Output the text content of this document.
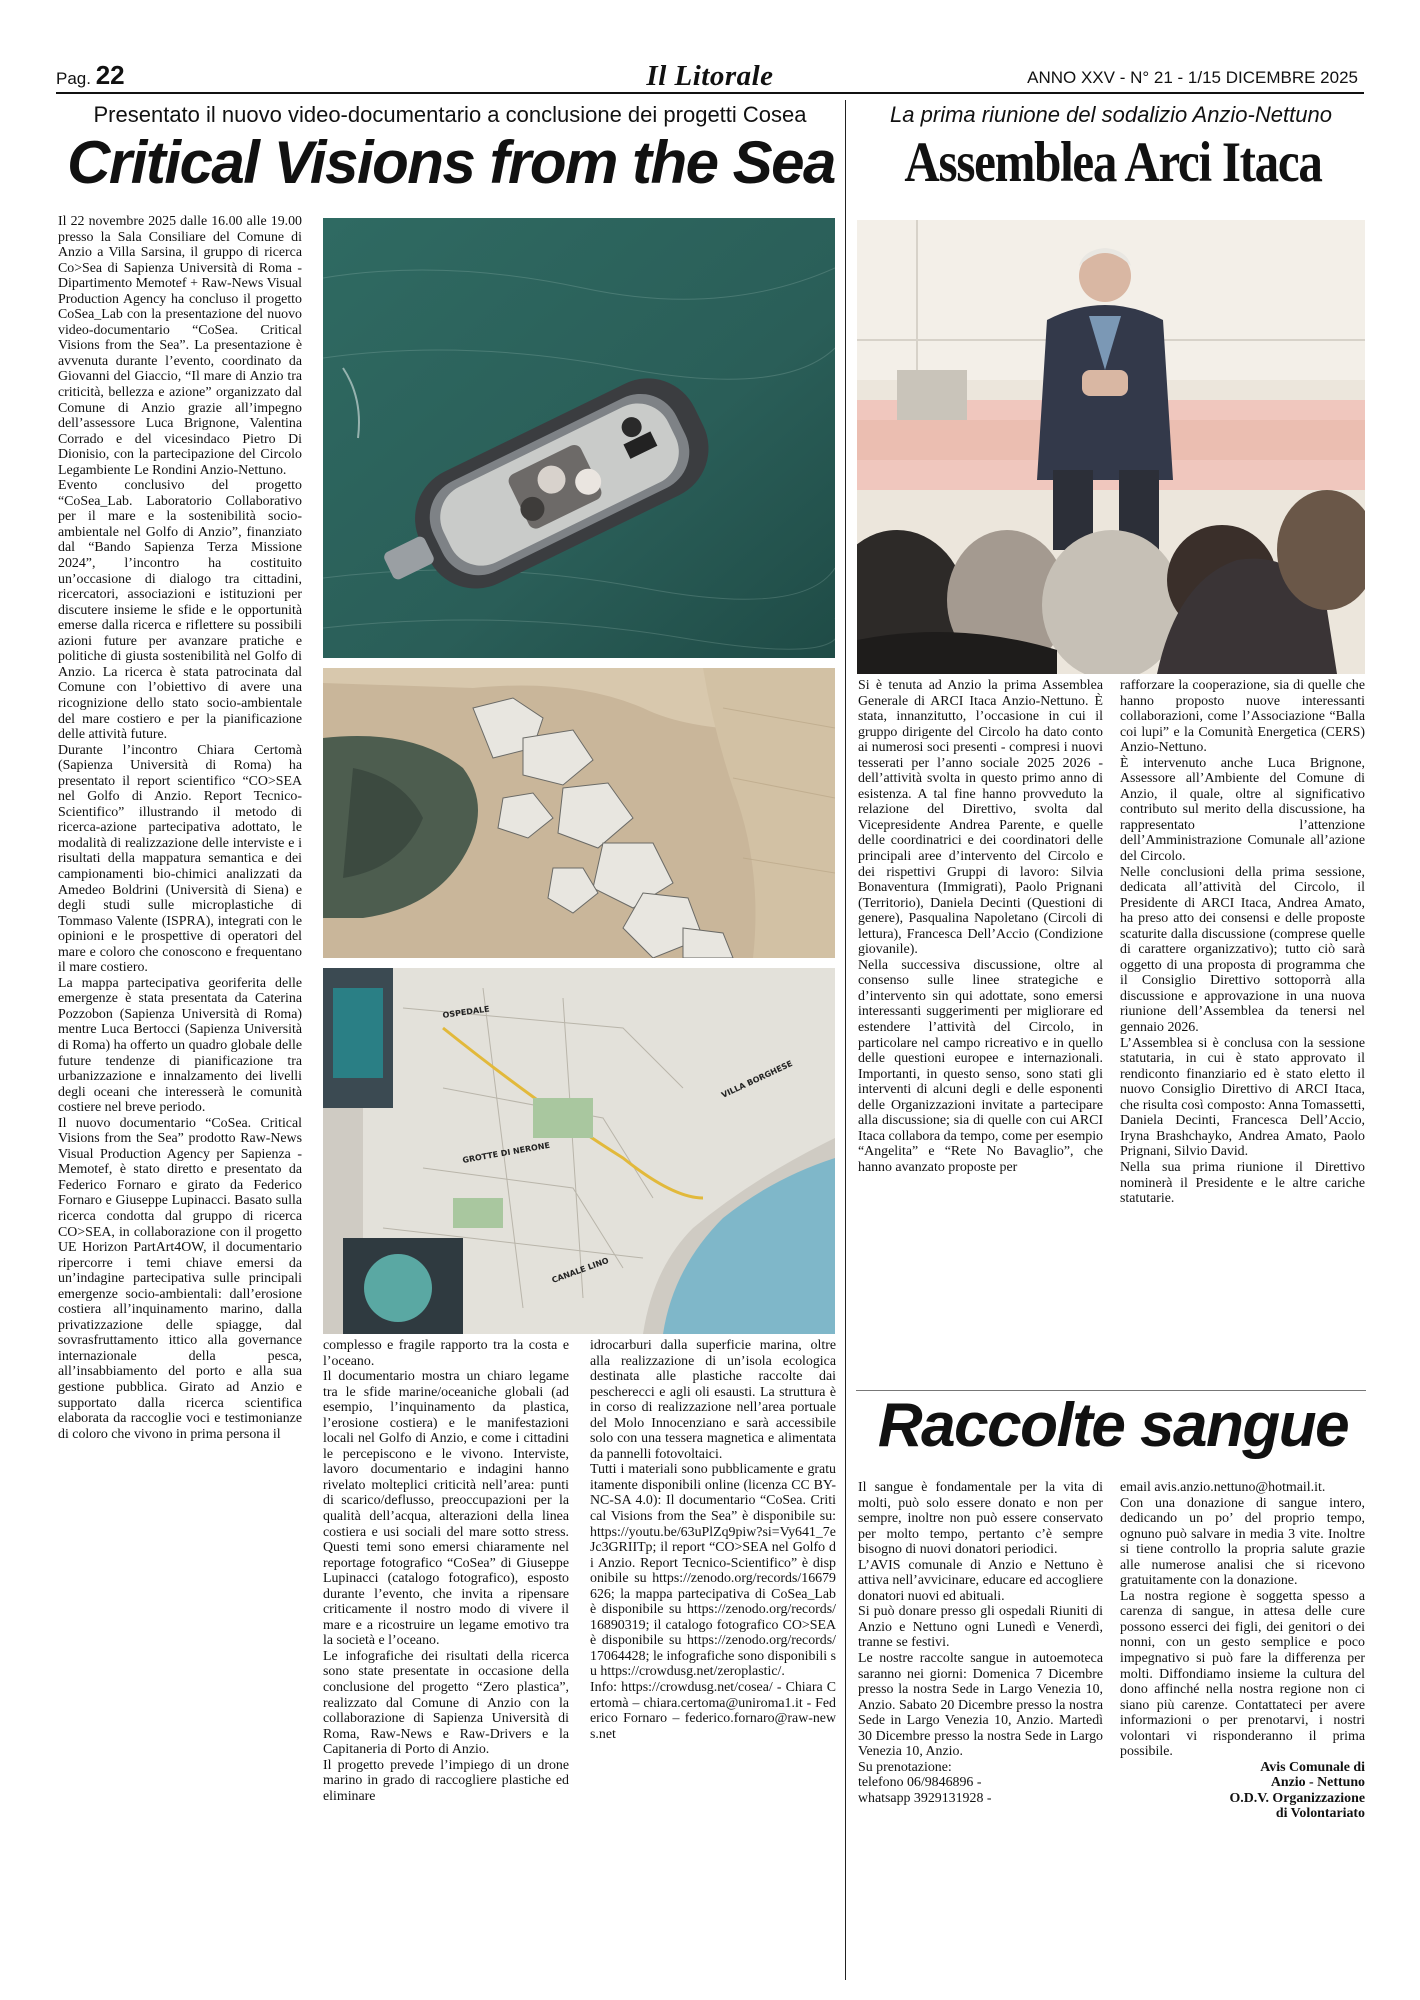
Pag. 22	Il Litorale	ANNO XXV - N° 21 - 1/15 DICEMBRE 2025
Presentato il nuovo video-documentario a conclusione dei progetti Cosea
Critical Visions from the Sea
La prima riunione del sodalizio Anzio-Nettuno
Assemblea Arci Itaca

Il 22 novembre 2025 dalle 16.00 alle 19.00 presso la Sala Consiliare del Comune di Anzio a Villa Sarsina, il gruppo di ricerca Co>Sea di Sapienza Università di Roma - Dipartimento Memotef + Raw-News Visual Production Agency ha concluso il progetto CoSea_Lab con la presentazione del nuovo video-documentario “CoSea. Critical Visions from the Sea”. La presentazione è avvenuta durante l’evento, coordinato da Giovanni del Giaccio, “Il mare di Anzio tra criticità, bellezza e azione” organizzato dal Comune di Anzio grazie all’impegno dell’assessore Luca Brignone, Valentina Corrado e del vicesindaco Pietro Di Dionisio, con la partecipazione del Circolo Legambiente Le Rondini Anzio-Nettuno.

Evento conclusivo del progetto “CoSea_Lab. Laboratorio Collaborativo per il mare e la sostenibilità socio-ambientale nel Golfo di Anzio”, finanziato dal “Bando Sapienza Terza Missione 2024”, l’incontro ha costituito un’occasione di dialogo tra cittadini, ricercatori, associazioni e istituzioni per discutere insieme le sfide e le opportunità emerse dalla ricerca e riflettere su possibili azioni future per avanzare pratiche e politiche di giusta sostenibilità nel Golfo di Anzio. La ricerca è stata patrocinata dal Comune con l’obiettivo di avere una ricognizione dello stato socio-ambientale del mare costiero e per la pianificazione delle attività future.

Durante l’incontro Chiara Certomà (Sapienza Università di Roma) ha presentato il report scientifico “CO>SEA nel Golfo di Anzio. Report Tecnico-Scientifico” illustrando il metodo di ricerca-azione partecipativa adottato, le modalità di realizzazione delle interviste e i risultati della mappatura semantica e dei campionamenti bio-chimici analizzati da Amedeo Boldrini (Università di Siena) e degli studi sulle microplastiche di Tommaso Valente (ISPRA), integrati con le opinioni e le prospettive di operatori del mare e coloro che conoscono e frequentano il mare costiero.

La mappa partecipativa georiferita delle emergenze è stata presentata da Caterina Pozzobon (Sapienza Università di Roma) mentre Luca Bertocci (Sapienza Università di Roma) ha offerto un quadro globale delle future tendenze di pianificazione tra urbanizzazione e innalzamento dei livelli degli oceani che interesserà le comunità costiere nel breve periodo.

Il nuovo documentario “CoSea. Critical Visions from the Sea” prodotto Raw-News Visual Production Agency per Sapienza - Memotef, è stato diretto e presentato da Federico Fornaro e girato da Federico Fornaro e Giuseppe Lupinacci. Basato sulla ricerca condotta dal gruppo di ricerca CO>SEA, in collaborazione con il progetto UE Horizon PartArt4OW, il documentario ripercorre i temi chiave emersi da un’indagine partecipativa sulle principali emergenze socio-ambientali: dall’erosione costiera all’inquinamento marino, dalla privatizzazione delle spiagge, dal sovrasfruttamento ittico alla governance internazionale della pesca, all’insabbiamento del porto e alla sua gestione pubblica. Girato ad Anzio e supportato dalla ricerca scientifica elaborata da raccoglie voci e testimonianze di coloro che vivono in prima persona il

OSPEDALE
VILLA BORGHESE
GROTTE DI NERONE
CANALE LINO

complesso e fragile rapporto tra la costa e l’oceano.

Il documentario mostra un chiaro legame tra le sfide marine/oceaniche globali (ad esempio, l’inquinamento da plastica, l’erosione costiera) e le manifestazioni locali nel Golfo di Anzio, e come i cittadini le percepiscono e le vivono. Interviste, lavoro documentario e indagini hanno rivelato molteplici criticità nell’area: punti di scarico/deflusso, preoccupazioni per la qualità dell’acqua, alterazioni della linea costiera e usi sociali del mare sotto stress. Questi temi sono emersi chiaramente nel reportage fotografico “CoSea” di Giuseppe Lupinacci (catalogo fotografico), esposto durante l’evento, che invita a ripensare criticamente il nostro modo di vivere il mare e a ricostruire un legame emotivo tra la società e l’oceano.

Le infografiche dei risultati della ricerca sono state presentate in occasione della conclusione del progetto “Zero plastica”, realizzato dal Comune di Anzio con la collaborazione di Sapienza Università di Roma, Raw-News e Raw-Drivers e la Capitaneria di Porto di Anzio.

Il progetto prevede l’impiego di un drone marino in grado di raccogliere plastiche ed eliminare

idrocarburi dalla superficie marina, oltre alla realizzazione di un’isola ecologica destinata alle plastiche raccolte dai pescherecci e agli oli esausti. La struttura è in corso di realizzazione nell’area portuale del Molo Innocenziano e sarà accessibile solo con una tessera magnetica e alimentata da pannelli fotovoltaici.

Tutti i materiali sono pubblicamente e gratuitamente disponibili online (licenza CC BY-NC-SA 4.0): Il documentario “CoSea. Critical Visions from the Sea” è disponibile su: https://youtu.be/63uPlZq9piw?si=Vy641_7eJc3GRIITp; il report “CO>SEA nel Golfo di Anzio. Report Tecnico-Scientifico” è disponibile su https://zenodo.org/records/16679626; la mappa partecipativa di CoSea_Lab è disponibile su https://zenodo.org/records/16890319; il catalogo fotografico CO>SEA è disponibile su https://zenodo.org/records/17064428; le infografiche sono disponibili su https://crowdusg.net/zeroplastic/.

Info: https://crowdusg.net/cosea/ - Chiara Certomà – chiara.certoma@uniroma1.it - Federico Fornaro – federico.fornaro@raw-news.net

Si è tenuta ad Anzio la prima Assemblea Generale di ARCI Itaca Anzio-Nettuno. È stata, innanzitutto, l’occasione in cui il gruppo dirigente del Circolo ha dato conto ai numerosi soci presenti - compresi i nuovi tesserati per l’anno sociale 2025 2026 - dell’attività svolta in questo primo anno di esistenza. A tal fine hanno provveduto la relazione del Direttivo, svolta dal Vicepresidente Andrea Parente, e quelle delle coordinatrici e dei coordinatori delle principali aree d’intervento del Circolo e dei rispettivi Gruppi di lavoro: Silvia Bonaventura (Immigrati), Paolo Prignani (Territorio), Daniela Decinti (Questioni di genere), Pasqualina Napoletano (Circoli di lettura), Francesca Dell’Accio (Condizione giovanile).

Nella successiva discussione, oltre al consenso sulle linee strategiche e d’intervento sin qui adottate, sono emersi interessanti suggerimenti per migliorare ed estendere l’attività del Circolo, in particolare nel campo ricreativo e in quello delle questioni europee e internazionali. Importanti, in questo senso, sono stati gli interventi di alcuni degli e delle esponenti delle Organizzazioni invitate a partecipare alla discussione; sia di quelle con cui ARCI Itaca collabora da tempo, come per esempio “Angelita” e “Rete No Bavaglio”, che hanno avanzato proposte per

rafforzare la cooperazione, sia di quelle che hanno proposto nuove interessanti collaborazioni, come l’Associazione “Balla coi lupi” e la Comunità Energetica (CERS) Anzio-Nettuno.

È intervenuto anche Luca Brignone, Assessore all’Ambiente del Comune di Anzio, il quale, oltre al significativo contributo sul merito della discussione, ha rappresentato l’attenzione dell’Amministrazione Comunale all’azione del Circolo.

Nelle conclusioni della prima sessione, dedicata all’attività del Circolo, il Presidente di ARCI Itaca, Andrea Amato, ha preso atto dei consensi e delle proposte scaturite dalla discussione (comprese quelle di carattere organizzativo); tutto ciò sarà oggetto di una proposta di programma che il Consiglio Direttivo sottoporrà alla discussione e approvazione in una nuova riunione dell’Assemblea da tenersi nel gennaio 2026.

L’Assemblea si è conclusa con la sessione statutaria, in cui è stato approvato il rendiconto finanziario ed è stato eletto il nuovo Consiglio Direttivo di ARCI Itaca, che risulta così composto: Anna Tomassetti, Daniela Decinti, Francesca Dell’Accio, Iryna Brashchayko, Andrea Amato, Paolo Prignani, Silvio David.

Nella sua prima riunione il Direttivo nominerà il Presidente e le altre cariche statutarie.

Raccolte sangue

Il sangue è fondamentale per la vita di molti, può solo essere donato e non per sempre, inoltre non può essere conservato per molto tempo, pertanto c’è sempre bisogno di nuovi donatori periodici.

L’AVIS comunale di Anzio e Nettuno è attiva nell’avvicinare, educare ed accogliere donatori nuovi ed abituali.

Si può donare presso gli ospedali Riuniti di Anzio e Nettuno ogni Lunedì e Venerdì, tranne se festivi.

Le nostre raccolte sangue in autoemoteca saranno nei giorni: Domenica 7 Dicembre presso la nostra Sede in Largo Venezia 10, Anzio. Sabato 20 Dicembre presso la nostra Sede in Largo Venezia 10, Anzio. Martedì 30 Dicembre presso la nostra Sede in Largo Venezia 10, Anzio.

Su prenotazione:

telefono 06/9846896 -

whatsapp 3929131928 -

email avis.anzio.nettuno@hotmail.it.

Con una donazione di sangue intero, dedicando un po’ del proprio tempo, ognuno può salvare in media 3 vite. Inoltre si tiene controllo la propria salute grazie alle numerose analisi che si ricevono gratuitamente con la donazione.

La nostra regione è soggetta spesso a carenza di sangue, in attesa delle cure possono esserci dei figli, dei genitori o dei nonni, con un gesto semplice e poco impegnativo si può fare la differenza per molti. Diffondiamo insieme la cultura del dono affinché nella nostra regione non ci siano più carenze. Contattateci per avere informazioni o per prenotarvi, i nostri volontari vi risponderanno il prima possibile.

Avis Comunale di
Anzio - Nettuno
O.D.V. Organizzazione
di Volontariato
